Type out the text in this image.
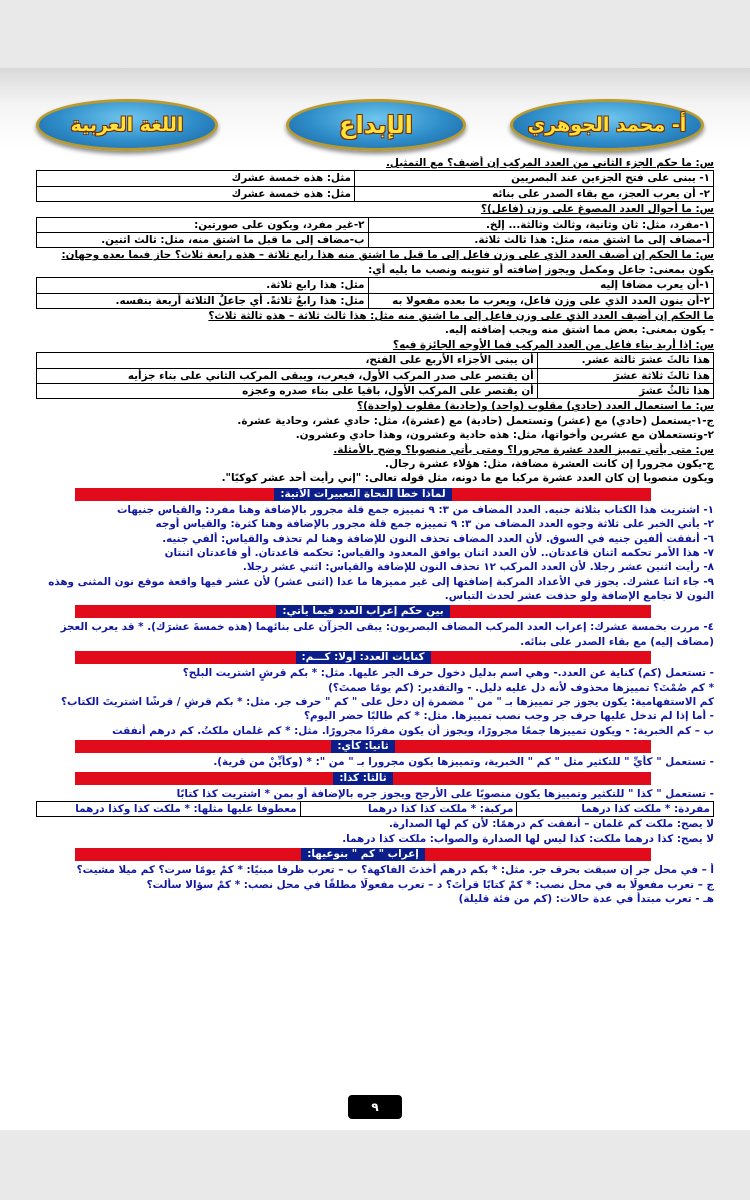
اللغة العربية	الإبداع	أ- محمد الجوهري
س: ما حكم الجزء الثاني من العدد المركب إن أضيف؟ مع التمثيل.
١- يبنى على فتح الجزءين عند البصريين	مثل: هذه خمسة عشرك
٢- أن يعرب العجز، مع بقاء الصدر على بنائه	مثل: هذه خمسة عشرك
س: ما أحوال العدد المصوغ على وزن (فاعل)؟
١-مفرد، مثل: ثان وثانية، وثالث وثالثة... إلخ.	٢-غير مفرد، ويكون على صورتين:
أ-مضاف إلى ما اشتق منه، مثل: هذا ثالث ثلاثة.	ب-مضاف إلى ما قبل ما اشتق منه، مثل: ثالث اثنين.
س: ما الحكم إن أضيف العدد الذي على وزن فاعل إلى ما قبل ما اشتق منه هذا رابع ثلاثة – هذه رابعة ثلاث؟ جاز فيما بعده وجهان:
يكون بمعنى: جاعل ومكمل ويجوز إضافته أو تنوينه ونصب ما يليه أي:
١-أن يعرب مضافا إليه	مثل: هذا رابع ثلاثة.
٢-أن ينون العدد الذي على وزن فاعل، ويعرب ما بعده مفعولا به	مثل: هذا رابعٌ ثلاثةً. أي جاعلٌ الثلاثة أربعة بنفسه.
ما الحكم إن أضيف العدد الذي على وزن فاعل إلى ما اشتق منه مثل: هذا ثالث ثلاثة – هذه ثالثة ثلاث؟
- يكون بمعنى: بعض مما اشتق منه ويجب إضافته إليه.
س: إذا أريد بناء فاعل من العدد المركب فما الأوجه الجائزة فيه؟
هذا ثالثَ عشرَ ثالثة عشر.	أن يبنى الأجزاء الأربع على الفتح،
هذا ثالثَ ثلاثة عشرَ	أن يقتصر على صدر المركب الأول، فيعرب، ويبقى المركب الثاني على بناء جزأيه
هذا ثالثُ عشرَ	أن يقتصر على المركب الأول، باقيا على بناء صدره وعجزه
س: ما استعمال العدد (حادي) مقلوب (واحد) و(حادية) مقلوب (واحدة)؟
ج-١-يستعمل (حادي) مع (عشر) وتستعمل (حادية) مع (عشرة)، مثل: حادي عشر، وحادية عشرة.
٢-وتستعملان مع عشرين وأخواتها، مثل: هذه حادية وعشرون، وهذا حادي وعشرون.
س: متى يأتي تمييز العدد عشرة مجرورا؟ ومتى يأتي منصوبا؟ وضح بالأمثلة.
ج-يكون مجرورا إن كانت العشرة مضافة، مثل: هؤلاء عشرة رجال.
ويكون منصوبا إن كان العدد عشرة مركبا مع ما دونه، مثل قوله تعالى: "إني رأيت أحد عشر كوكبًا".
لماذا خطأ النحاة التعبيرات الآتية:
١- اشتريت هذا الكتاب بثلاثة جنيه. العدد المضاف من ٣: ٩ تمييزه جمع قلة مجرور بالإضافة وهنا مفرد: والقياس جنيهات
٢- يأتي الخبر على ثلاثة وجوه العدد المضاف من ٣: ٩ تمييزه جمع قلة مجرور بالإضافة وهنا كثرة: والقياس أوجه
٦- أنفقت ألفين جنيه في السوق. لأن العدد المضاف تحذف النون للإضافة وهنا لم تحذف والقياس: ألفي جنيه.
٧- هذا الأمر تحكمه اثنان قاعدتان.. لأن العدد اثنان يوافق المعدود والقياس: تحكمه قاعدتان. أو قاعدتان اثنتان
٨- رأيت اثنين عشر رجلا. لأن العدد المركب ١٢ تحذف النون للإضافة والقياس: اثني عشر رجلا.
٩- جاء اثنا عشرك. يجوز في الأعداد المركبة إضافتها إلى غير مميزها ما عدا (اثنى عشر) لأن عشر فيها واقعة موقع نون المثنى وهذه
النون لا تجامع الإضافة ولو حذفت عشر لحدث التباس.
بين حكم إعراب العدد فيما يأتي:
٤- مررت بخمسة عشرك: إعراب العدد المركب المضاف البصريون: يبقى الجزآن على بنائهما (هذه خمسةَ عشرَك). * قد يعرب العجز
(مضاف إليه) مع بقاء الصدر على بنائه.
كنايات العدد: أولا: كـــم:
- تستعمل (كم) كناية عن العدد.- وهي اسم بدليل دخول حرف الجر عليها. مثل: * بكم قرشٍ اشتريت البلح؟
* كم صُمْتَ؟ تمييزها محذوف لأنه دل عليه دليل. - والتقدير: (كم يومًا صمتَ؟)
كم الاستفهامية: يكون يجوز جر تمييزها بـ " من " مضمرة إن دخل على " كم " حرف جر. مثل: * بكم قرشٍ / قرشًا اشتريتَ الكتاب؟
- أما إذا لم تدخل عليها حرف جر وجب نصب تمييزها. مثل: * كم طالبًا حضر اليوم؟
ب – كم الخبرية: - ويكون تمييزها جمعًا مجرورًا، ويجوز أن يكون مفردًا مجرورًا. مثل: * كم غلمان ملكتُ. كم درهم أنفقت
ثانيا: كأي:
- تستعمل " كأيِّ " للتكثير مثل " كم " الخبرية، وتمييزها يكون مجرورا بـ " من ": * (وكأيِّنْ من قرية).
ثالثا: كذا:
- تستعمل " كذا " للتكثير وتمييزها يكون منصوبًا على الأرجح ويجوز جره بالإضافة أو بمن * اشتريت كذا كتابًا
مفردة: * ملكت كذا درهما	مركبة: * ملكت كذا كذا درهما	معطوفا عليها مثلها: * ملكت كذا وكذا درهما
لا يصح: ملكت كم غلمان – أنفقت كم درهمًا: لأن كم لها الصدارة.
لا يصح: كذا درهما ملكت: كذا ليس لها الصدارة والصواب: ملكت كذا درهما.
إعراب " كم " بنوعيها:
أ – في محل جر إن سبقت بحرف جر. مثل: * بكم درهم أخذتَ الفاكهة؟ ب – تعرب ظرفا مبنيًا: * كمْ يومًا سرت؟ كم ميلا مشيت؟
ج – تعرب مفعولًا به في محل نصب: * كمْ كتابًا قرأتَ؟ د – تعرب مفعولًا مطلقًا في محل نصب: * كمْ سؤالا سألت؟
هـ - تعرب مبتدأ في عدة حالات: (كم من فئة قليلة)
٩
